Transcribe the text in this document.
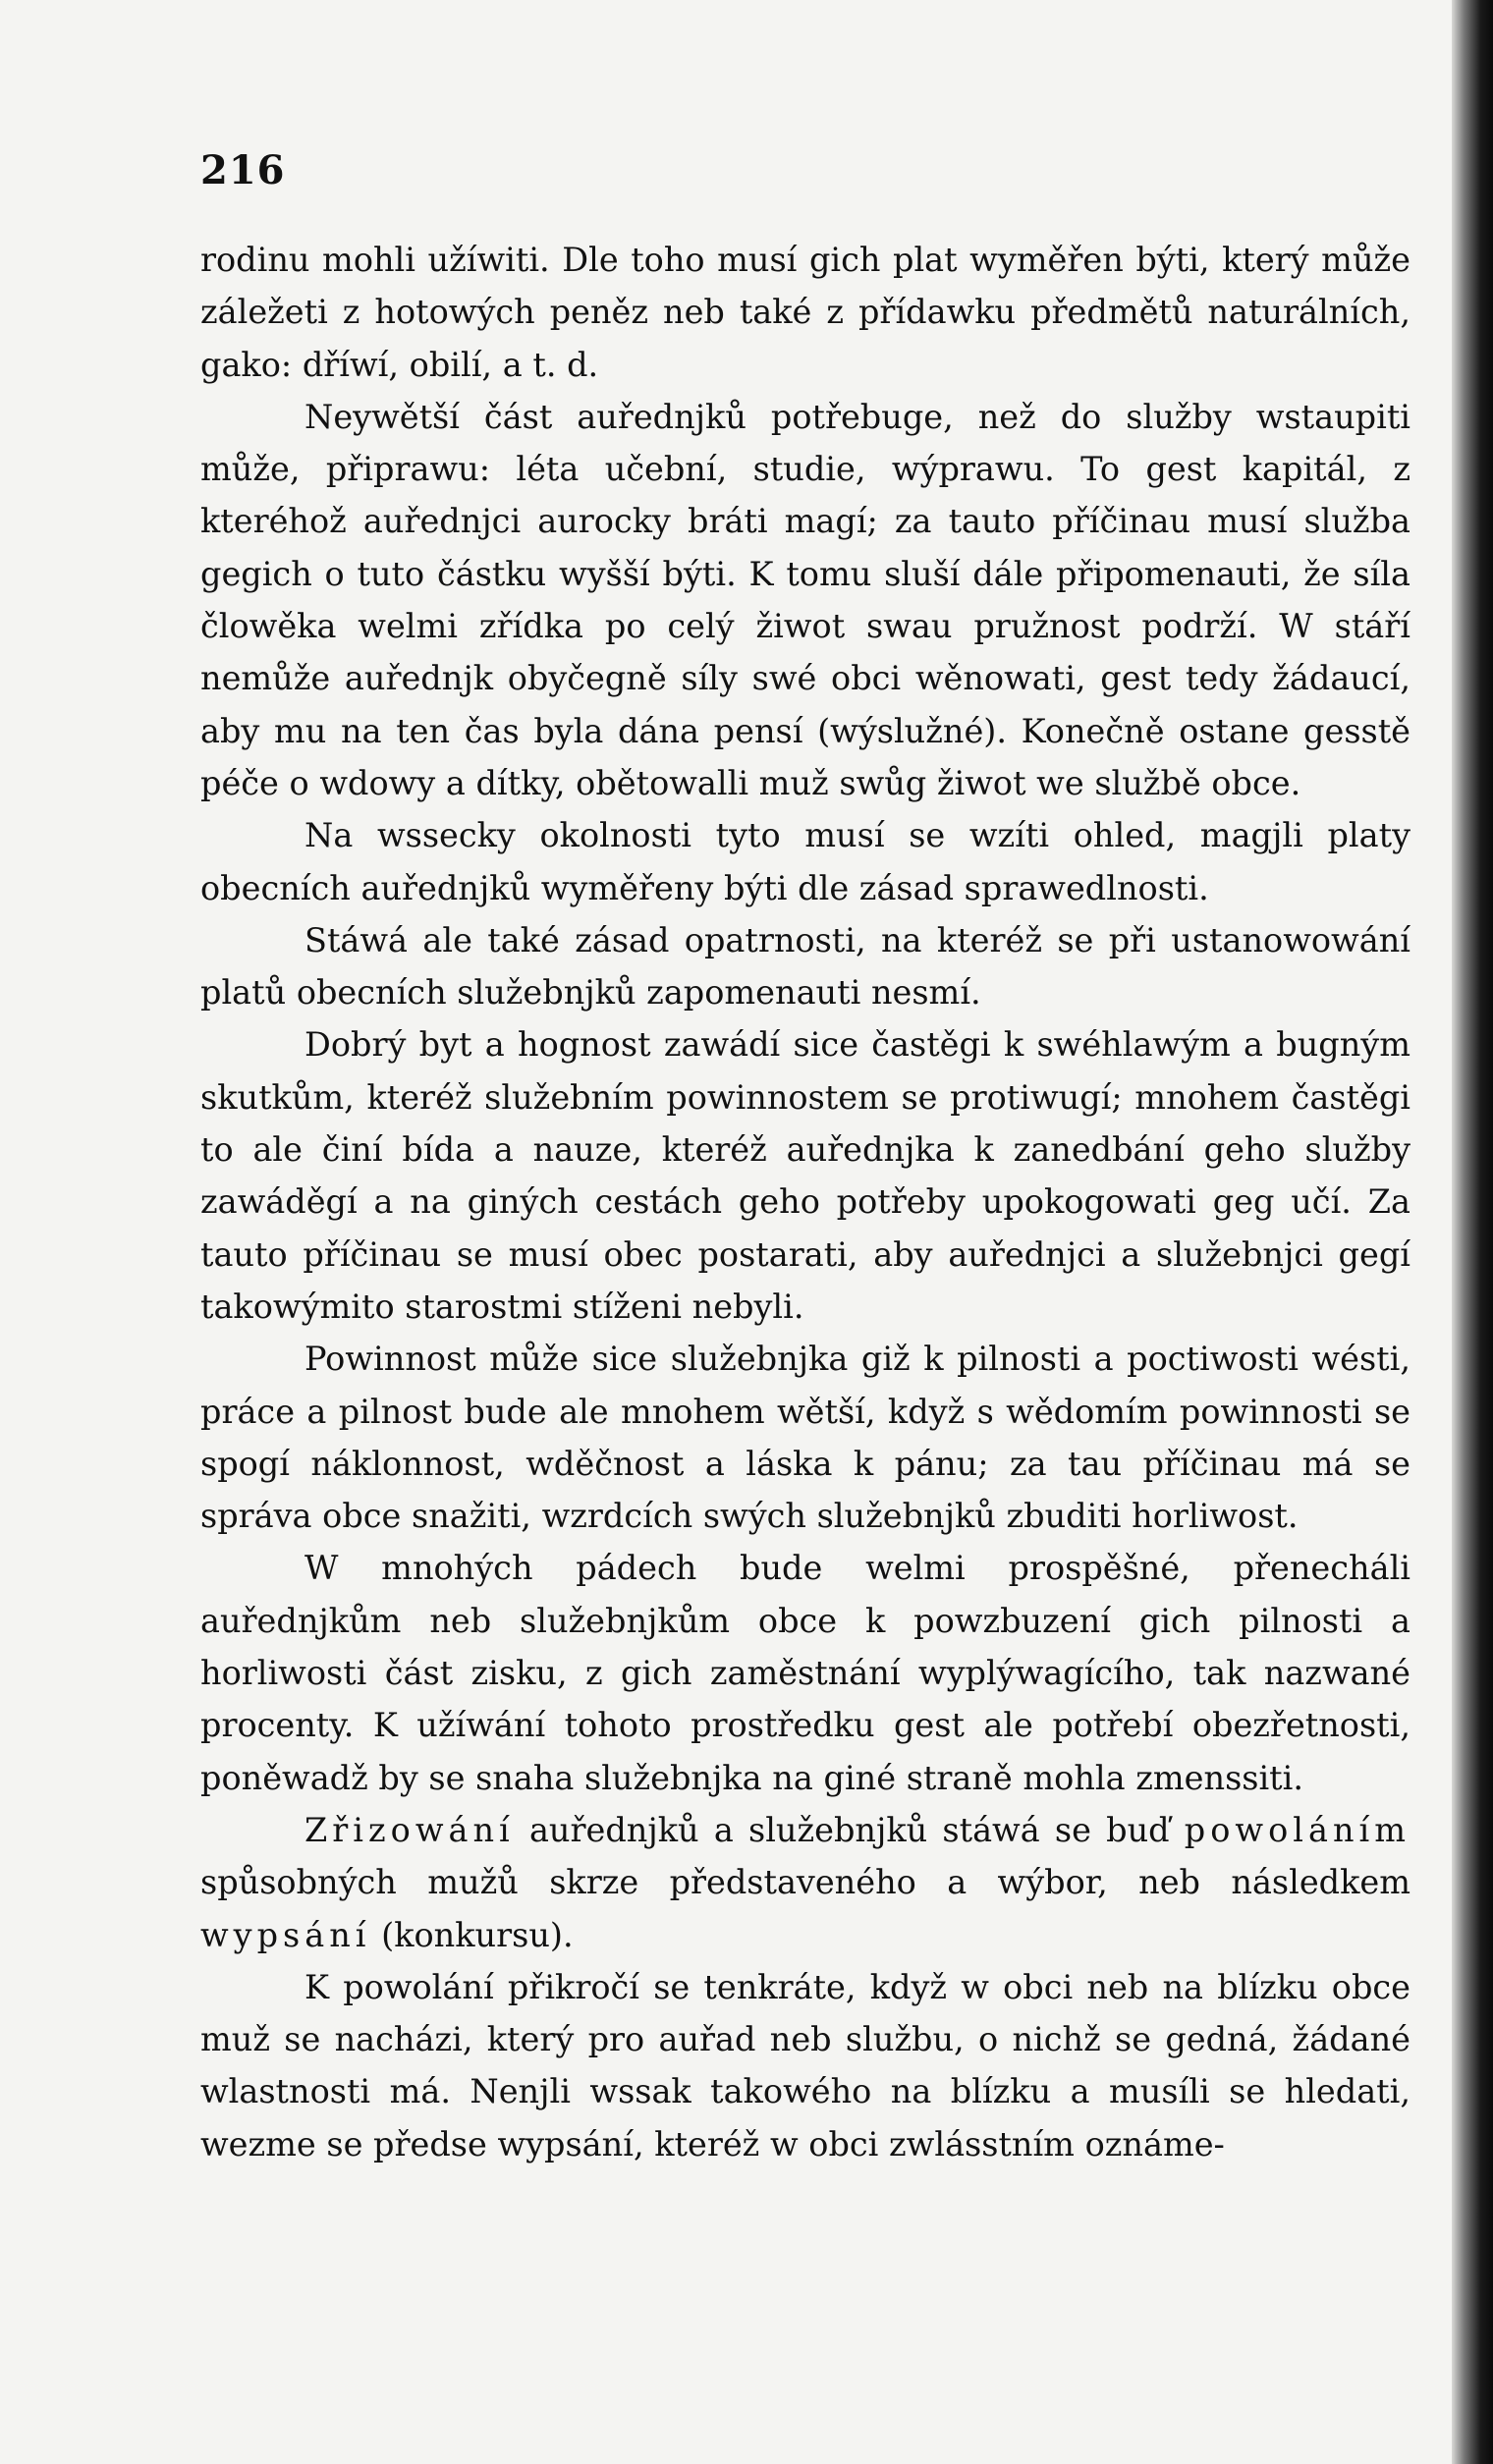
216

rodinu mohli užíwiti. Dle toho musí gich plat wyměřen býti, který může záležeti z hotowých peněz neb také z přídawku předmětů naturálních, gako: dříwí, obilí, a t. d.

Neywětší část auřednjků potřebuge, než do služby wstaupiti může, připrawu: léta učební, studie, wýprawu. To gest kapitál, z kteréhož auřednjci aurocky bráti magí; za tauto příčinau musí služba gegich o tuto částku wyšší býti. K tomu sluší dále připomenauti, že síla člowěka welmi zřídka po celý žiwot swau pružnost podrží. W stáří nemůže auřednjk obyčegně síly swé obci wěnowati, gest tedy žádaucí, aby mu na ten čas byla dána pensí (wýslužné). Konečně ostane gesstě péče o wdowy a dítky, obětowalli muž swůg žiwot we službě obce.

Na wssecky okolnosti tyto musí se wzíti ohled, magjli platy obecních auřednjků wyměřeny býti dle zásad sprawedlnosti.

Stáwá ale také zásad opatrnosti, na kteréž se při ustanowowání platů obecních služebnjků zapomenauti nesmí.

Dobrý byt a hognost zawádí sice častěgi k swéhlawým a bugným skutkům, kteréž služebním powinnostem se protiwugí; mnohem častěgi to ale činí bída a nauze, kteréž auřednjka k zanedbání geho služby zawáděgí a na giných cestách geho potřeby upokogowati geg učí. Za tauto příčinau se musí obec postarati, aby auřednjci a služebnjci gegí takowýmito starostmi stíženi nebyli.

Powinnost může sice služebnjka giž k pilnosti a poctiwosti wésti, práce a pilnost bude ale mnohem wětší, když s wědomím powinnosti se spogí náklonnost, wděčnost a láska k pánu; za tau příčinau má se správa obce snažiti, wzrdcích swých služebnjků zbuditi horliwost.

W mnohých pádech bude welmi prospěšné, přenecháli auřednjkům neb služebnjkům obce k powzbuzení gich pilnosti a horliwosti část zisku, z gich zaměstnání wyplýwagícího, tak nazwané procenty. K užíwání tohoto prostředku gest ale potřebí obezřetnosti, poněwadž by se snaha služebnjka na giné straně mohla zmenssiti.

Zřizowání auřednjků a služebnjků stáwá se buď powoláním spůsobných mužů skrze představeného a wýbor, neb následkem wypsání (konkursu).

K powolání přikročí se tenkráte, když w obci neb na blízku obce muž se nacházi, který pro auřad neb službu, o nichž se gedná, žádané wlastnosti má. Nenjli wssak takowého na blízku a musíli se hledati, wezme se předse wypsání, kteréž w obci zwlásstním oznáme-
